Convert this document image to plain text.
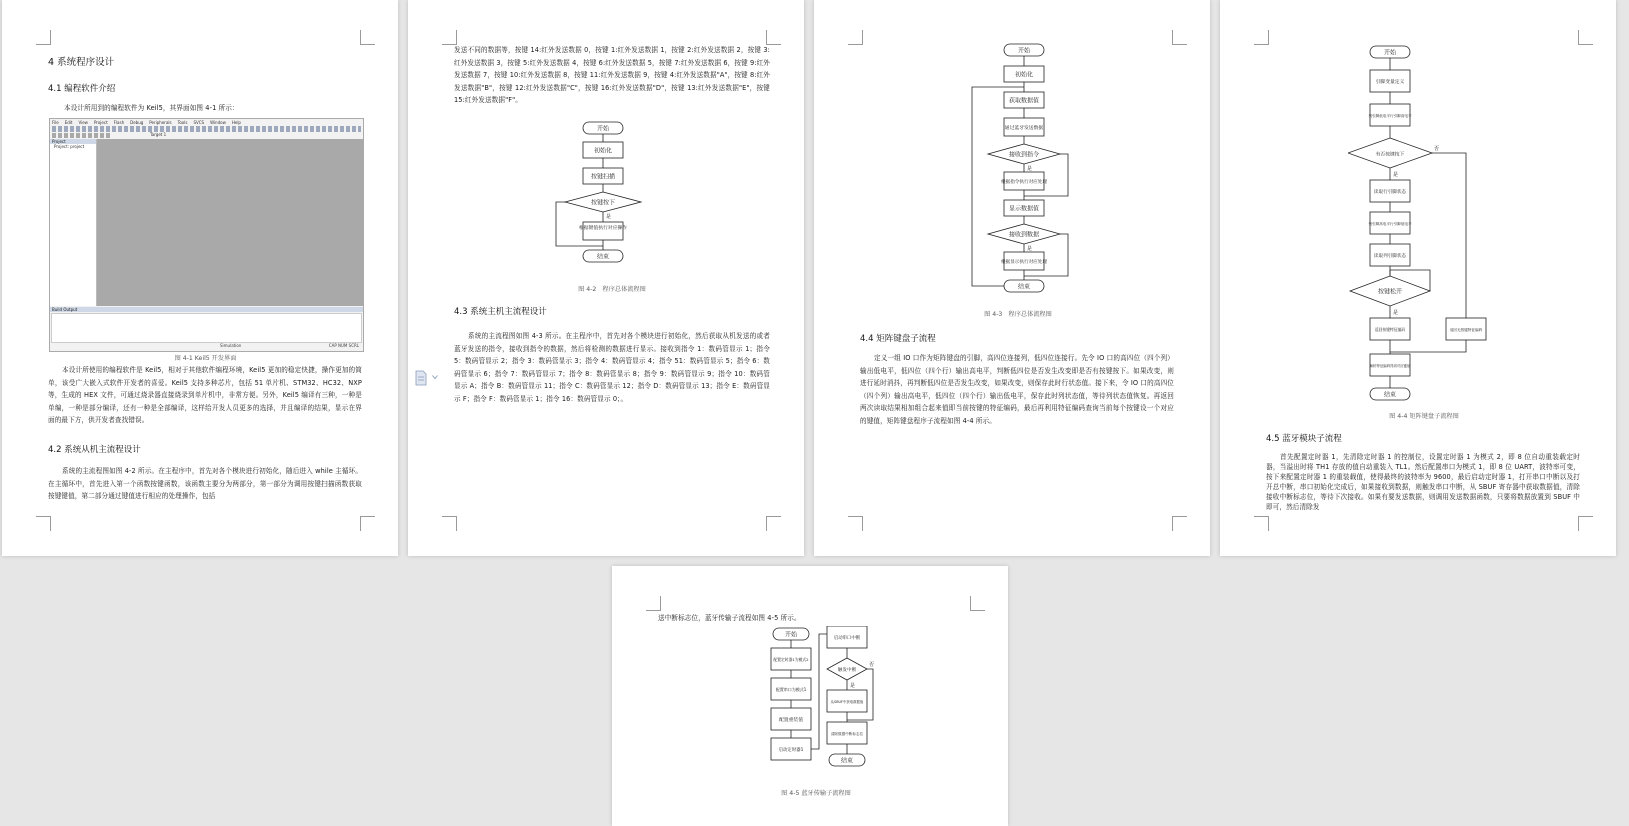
4 系统程序设计
4.1 编程软件介绍
本设计所用到的编程软件为 Keil5，其界面如图 4-1 所示：
File Edit View Project Flash Debug Peripherals Tools SVCS Window Help
Target 1
Project
Project: project
Build Output
Simulation	CAP NUM SCRL
图 4-1 Keil5 开发界面
本设计所使用的编程软件是 Keil5，相对于其他软件编程环境，Keil5 更加的稳定快捷，操作更加的简单，该受广大嵌入式软件开发者的喜爱。Keil5 支持多种芯片，包括 51 单片机、STM32、HC32、NXP 等，生成的 HEX 文件，可通过烧录器直接烧录到单片机中，非常方便。另外，Keil5 编译有三种，一种是单编，一种是部分编译，还有一种是全部编译，这样给开发人员更多的选择，并且编译的结果，显示在界面的最下方，供开发者查找错误。
4.2 系统从机主流程设计
系统的主流程图如图 4-2 所示。在主程序中，首先对各个模块进行初始化，随后进入 while 主循环。在主循环中，首先进入第一个函数按键函数，该函数主要分为两部分，第一部分为调用按键扫描函数获取按键键值，第二部分通过键值进行相应的处理操作，包括
发送不同的数据等，按键 14:红外发送数据 0，按键 1:红外发送数据 1，按键 2:红外发送数据 2，按键 3:红外发送数据 3，按键 5:红外发送数据 4，按键 6:红外发送数据 5，按键 7:红外发送数据 6，按键 9:红外发送数据 7，按键 10:红外发送数据 8，按键 11:红外发送数据 9，按键 4:红外发送数据"A"，按键 8:红外发送数据"B"，按键 12:红外发送数据"C"，按键 16:红外发送数据"D"，按键 13:红外发送数据"E"，按键 15:红外发送数据"F"。
开始
初始化
按键扫描
按键按下
是
根据键值执行对应操作
结束
图 4-2　程序总体流程图
4.3 系统主机主流程设计
系统的主流程图如图 4-3 所示。在主程序中，首先对各个模块进行初始化，然后获取从机发送的或者蓝牙发送的指令，接收到指令的数据，然后将检测的数据进行显示。接收到指令 1：数码管显示 1；指令 5：数码管显示 2；指令 3：数码管显示 3；指令 4：数码管显示 4；指令 51：数码管显示 5；指令 6：数码管显示 6；指令 7：数码管显示 7；指令 8：数码管显示 8；指令 9：数码管显示 9；指令 10：数码管显示 A；指令 B：数码管显示 11；指令 C：数码管显示 12；指令 D：数码管显示 13；指令 E：数码管显示 F；指令 F：数码管显示 1；指令 16：数码管显示 0；。
开始
初始化
获取数据值
通过蓝牙发送数据
接收到指令
是
根据指令执行对应处理
显示数据值
接收到数据
是
根据显示执行对应处理
结束
图 4-3　程序总体流程图
4.4 矩阵键盘子流程
定义一组 IO 口作为矩阵键盘的引脚，高四位连接列，低四位连接行。先令 IO 口的高四位（四个列）输出低电平，低四位（四个行）输出高电平，判断低四位是否发生改变即是否有按键按下。如果改变，则进行延时消抖，再判断低四位是否发生改变，如果改变，则保存此时行状态值。接下来，令 IO 口的高四位（四个列）输出高电平，低四位（四个行）输出低电平，保存此时列状态值，等待列状态值恢复。再返回两次读取结果相加组合起来值即当前按键的特征编码，最后再利用特征编码查询当前每个按键设一个对应的键值，矩阵键盘程序子流程如图 4-4 所示。
开始
引脚变量定义
列引脚低电平行引脚高电平
有否按键按下
是
否
读取行引脚状态
列引脚高电平行引脚低电平
读取列引脚状态
按键松开
是
返回按键特征编码	返回无按键特征编码
解析特征编码得到对应键值
结束
图 4-4 矩阵键盘子流程图
4.5 蓝牙模块子流程
首先配置定时器 1，先清除定时器 1 的控制位，设置定时器 1 为模式 2，即 8 位自动重装载定时器，当溢出时将 TH1 存放的值自动重装入 TL1。然后配置串口为模式 1，即 8 位 UART，波特率可变，按下来配置定时器 1 的重装载值，使得最终的波特率为 9600，最后启动定时器 1，打开串口中断以及打开总中断，串口初始化完成后，如果接收到数据，则触发串口中断，从 SBUF 寄存器中获取数据值，清除接收中断标志位，等待下次接收。如果有要发送数据，则调用发送数据函数，只要将数据放置到 SBUF 中即可，然后清除发
送中断标志位，蓝牙传输子流程如图 4-5 所示。
开始
配置定时器1为模式2
配置串口为模式1
配置重装值
启动定时器1
启动串口中断
触发中断
否
是
从SBUF中获取数据值
清除数据中断标志位
结束
图 4-5 蓝牙传输子流程图
